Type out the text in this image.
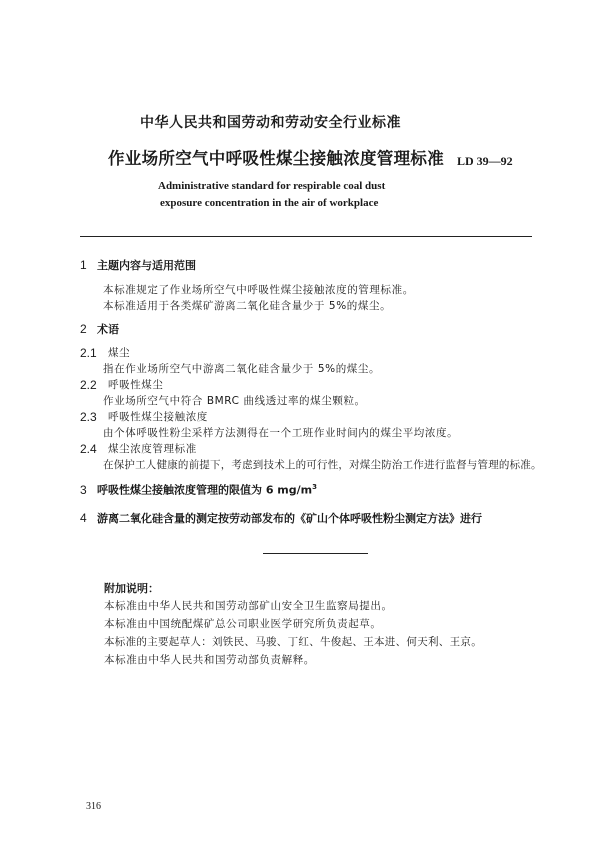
中华人民共和国劳动和劳动安全行业标准
作业场所空气中呼吸性煤尘接触浓度管理标准 LD 39—92
Administrative standard for respirable coal dust
exposure concentration in the air of workplace
1 主题内容与适用范围
本标准规定了作业场所空气中呼吸性煤尘接触浓度的管理标准。
本标准适用于各类煤矿游离二氧化硅含量少于 5%的煤尘。
2 术语
2.1 煤尘
指在作业场所空气中游离二氧化硅含量少于 5%的煤尘。
2.2 呼吸性煤尘
作业场所空气中符合 BMRC 曲线透过率的煤尘颗粒。
2.3 呼吸性煤尘接触浓度
由个体呼吸性粉尘采样方法测得在一个工班作业时间内的煤尘平均浓度。
2.4 煤尘浓度管理标准
在保护工人健康的前提下，考虑到技术上的可行性，对煤尘防治工作进行监督与管理的标准。
3 呼吸性煤尘接触浓度管理的限值为 6 $mg/m^3$
4 游离二氧化硅含量的测定按劳动部发布的《矿山个体呼吸性粉尘测定方法》进行
附加说明：
本标准由中华人民共和国劳动部矿山安全卫生监察局提出。
本标准由中国统配煤矿总公司职业医学研究所负责起草。
本标准的主要起草人：刘铁民、马骏、丁红、牛俊起、王本进、何天利、王京。
本标准由中华人民共和国劳动部负责解释。
316
